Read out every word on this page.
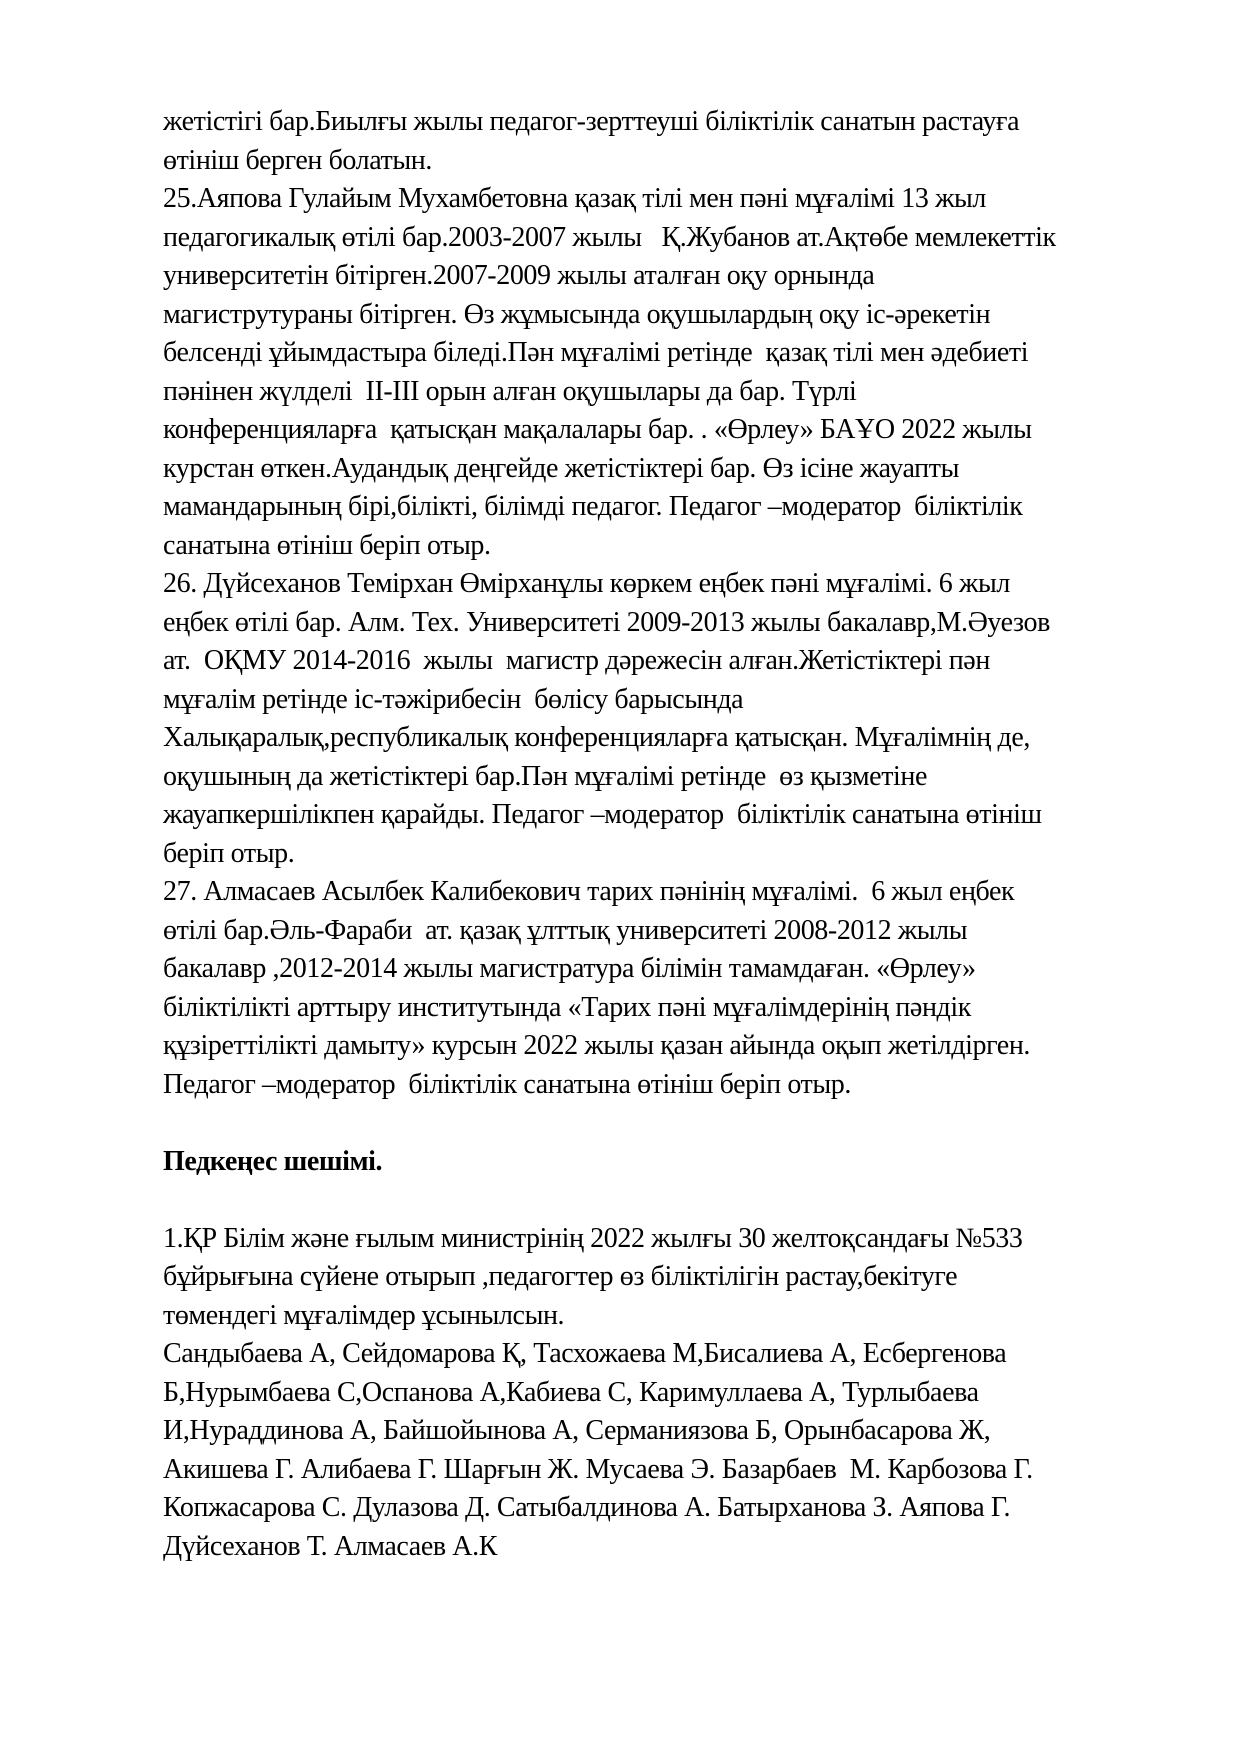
жетістігі бар.Биылғы жылы педагог-зерттеуші біліктілік санатын растауға
өтініш берген болатын.
25.Аяпова Гулайым Мухамбетовна қазақ тілі мен пәні мұғалімі 13 жыл
педагогикалық өтілі бар.2003-2007 жылы   Қ.Жубанов ат.Ақтөбе мемлекеттік
университетін бітірген.2007-2009 жылы аталған оқу орнында
магиструтураны бітірген. Өз жұмысында оқушылардың оқу іс-әрекетін
белсенді ұйымдастыра біледі.Пән мұғалімі ретінде  қазақ тілі мен әдебиеті
пәнінен жүлделі  II-III орын алған оқушылары да бар. Түрлі
конференцияларға  қатысқан мақалалары бар. . «Өрлеу» БАҰО 2022 жылы
курстан өткен.Аудандық деңгейде жетістіктері бар. Өз ісіне жауапты
мамандарының бірі,білікті, білімді педагог. Педагог –модератор  біліктілік
санатына өтініш беріп отыр.
26. Дүйсеханов Темірхан Өмірханұлы көркем еңбек пәні мұғалімі. 6 жыл
еңбек өтілі бар. Алм. Тех. Университеті 2009-2013 жылы бакалавр,М.Әуезов
ат.  ОҚМУ 2014-2016  жылы  магистр дәрежесін алған.Жетістіктері пән
мұғалім ретінде іс-тәжірибесін  бөлісу барысында
Халықаралық,республикалық конференцияларға қатысқан. Мұғалімнің де,
оқушының да жетістіктері бар.Пән мұғалімі ретінде  өз қызметіне
жауапкершілікпен қарайды. Педагог –модератор  біліктілік санатына өтініш
беріп отыр.
27. Алмасаев Асылбек Калибекович тарих пәнінің мұғалімі.  6 жыл еңбек
өтілі бар.Әль-Фараби  ат. қазақ ұлттық университеті 2008-2012 жылы
бакалавр ,2012-2014 жылы магистратура білімін тамамдаған. «Өрлеу»
біліктілікті арттыру институтында «Тарих пәні мұғалімдерінің пәндік
құзіреттілікті дамыту» курсын 2022 жылы қазан айында оқып жетілдірген.
Педагог –модератор  біліктілік санатына өтініш беріп отыр.
Педкеңес шешімі.
1.ҚР Білім және ғылым министрінің 2022 жылғы 30 желтоқсандағы №533
бұйрығына сүйене отырып ,педагогтер өз біліктілігін растау,бекітуге
төмендегі мұғалімдер ұсынылсын.
Сандыбаева А, Сейдомарова Қ, Тасхожаева М,Бисалиева А, Есбергенова
Б,Нурымбаева С,Оспанова А,Кабиева С, Каримуллаева А, Турлыбаева
И,Нураддинова А, Байшойынова А, Серманиязова Б, Орынбасарова Ж,
Акишева Г. Алибаева Г. Шарғын Ж. Мусаева Э. Базарбаев  М. Карбозова Г.
Копжасарова С. Дулазова Д. Сатыбалдинова А. Батырханова З. Аяпова Г.
Дүйсеханов Т. Алмасаев А.К
